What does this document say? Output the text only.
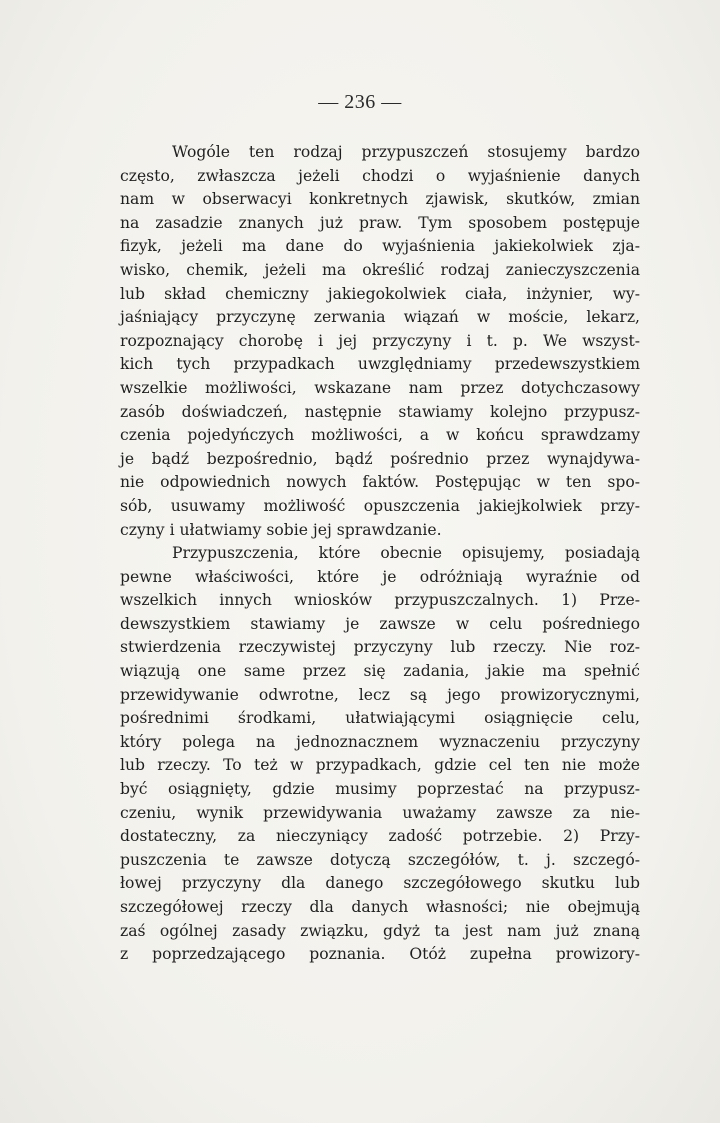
— 236 —
Wogóle ten rodzaj przypuszczeń stosujemy bardzo
często, zwłaszcza jeżeli chodzi o wyjaśnienie danych
nam w obserwacyi konkretnych zjawisk, skutków, zmian
na zasadzie znanych już praw. Tym sposobem postępuje
fizyk, jeżeli ma dane do wyjaśnienia jakiekolwiek zja-
wisko, chemik, jeżeli ma określić rodzaj zanieczyszczenia
lub skład chemiczny jakiegokolwiek ciała, inżynier, wy-
jaśniający przyczynę zerwania wiązań w moście, lekarz,
rozpoznający chorobę i jej przyczyny i t. p. We wszyst-
kich tych przypadkach uwzględniamy przedewszystkiem
wszelkie możliwości, wskazane nam przez dotychczasowy
zasób doświadczeń, następnie stawiamy kolejno przypusz-
czenia pojedyńczych możliwości, a w końcu sprawdzamy
je bądź bezpośrednio, bądź pośrednio przez wynajdywa-
nie odpowiednich nowych faktów. Postępując w ten spo-
sób, usuwamy możliwość opuszczenia jakiejkolwiek przy-
czyny i ułatwiamy sobie jej sprawdzanie.
Przypuszczenia, które obecnie opisujemy, posiadają
pewne właściwości, które je odróżniają wyraźnie od
wszelkich innych wniosków przypuszczalnych. 1) Prze-
dewszystkiem stawiamy je zawsze w celu pośredniego
stwierdzenia rzeczywistej przyczyny lub rzeczy. Nie roz-
wiązują one same przez się zadania, jakie ma spełnić
przewidywanie odwrotne, lecz są jego prowizorycznymi,
pośrednimi środkami, ułatwiającymi osiągnięcie celu,
który polega na jednoznacznem wyznaczeniu przyczyny
lub rzeczy. To też w przypadkach, gdzie cel ten nie może
być osiągnięty, gdzie musimy poprzestać na przypusz-
czeniu, wynik przewidywania uważamy zawsze za nie-
dostateczny, za nieczyniący zadość potrzebie. 2) Przy-
puszczenia te zawsze dotyczą szczegółów, t. j. szczegó-
łowej przyczyny dla danego szczegółowego skutku lub
szczegółowej rzeczy dla danych własności; nie obejmują
zaś ogólnej zasady związku, gdyż ta jest nam już znaną
z poprzedzającego poznania. Otóż zupełna prowizory-
